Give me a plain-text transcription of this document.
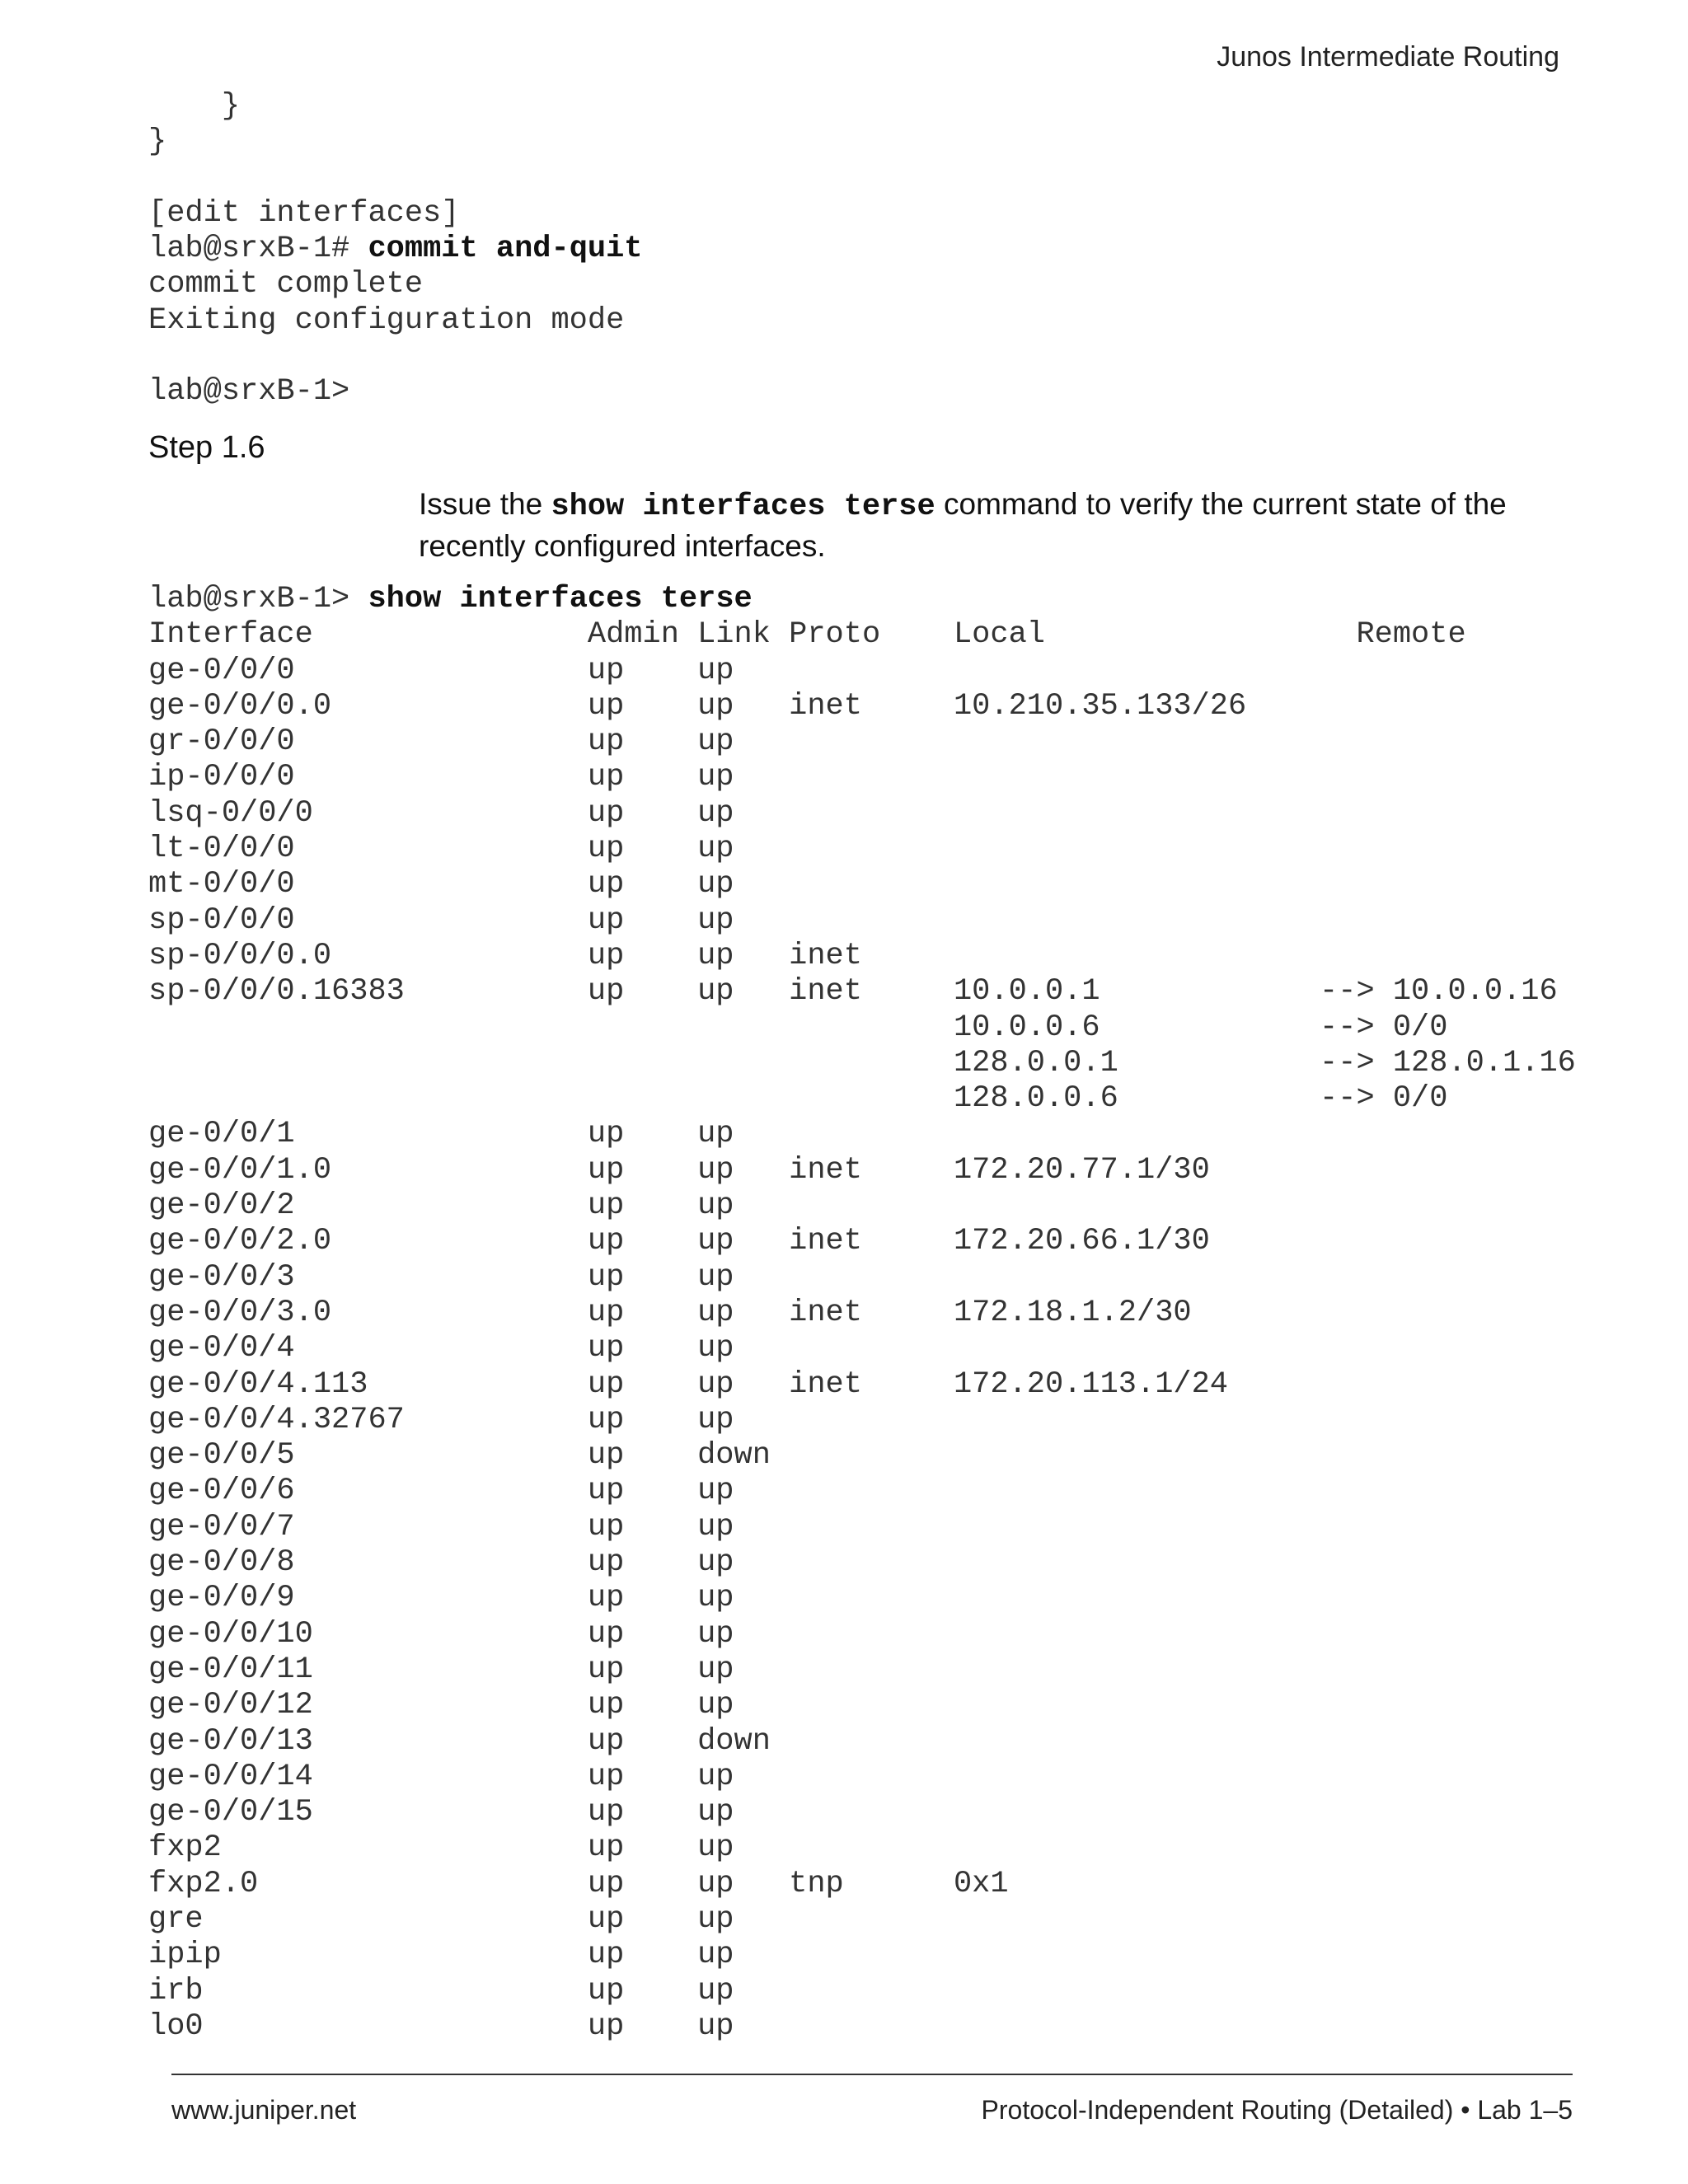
Junos Intermediate Routing
}
}
[edit interfaces]
lab@srxB-1# commit and-quit
commit complete
Exiting configuration mode
lab@srxB-1>
Step 1.6
Issue the show interfaces terse command to verify the current state of the recently configured interfaces.
lab@srxB-1> show interfaces terse
Interface               Admin Link Proto    Local                 Remote
ge-0/0/0                up    up
ge-0/0/0.0              up    up   inet     10.210.35.133/26
gr-0/0/0                up    up
ip-0/0/0                up    up
lsq-0/0/0               up    up
lt-0/0/0                up    up
mt-0/0/0                up    up
sp-0/0/0                up    up
sp-0/0/0.0              up    up   inet
sp-0/0/0.16383          up    up   inet     10.0.0.1            --> 10.0.0.16
10.0.0.6            --> 0/0
128.0.0.1           --> 128.0.1.16
128.0.0.6           --> 0/0
ge-0/0/1                up    up
ge-0/0/1.0              up    up   inet     172.20.77.1/30
ge-0/0/2                up    up
ge-0/0/2.0              up    up   inet     172.20.66.1/30
ge-0/0/3                up    up
ge-0/0/3.0              up    up   inet     172.18.1.2/30
ge-0/0/4                up    up
ge-0/0/4.113            up    up   inet     172.20.113.1/24
ge-0/0/4.32767          up    up
ge-0/0/5                up    down
ge-0/0/6                up    up
ge-0/0/7                up    up
ge-0/0/8                up    up
ge-0/0/9                up    up
ge-0/0/10               up    up
ge-0/0/11               up    up
ge-0/0/12               up    up
ge-0/0/13               up    down
ge-0/0/14               up    up
ge-0/0/15               up    up
fxp2                    up    up
fxp2.0                  up    up   tnp      0x1
gre                     up    up
ipip                    up    up
irb                     up    up
lo0                     up    up
www.juniper.net	Protocol-Independent Routing (Detailed) • Lab 1–5
